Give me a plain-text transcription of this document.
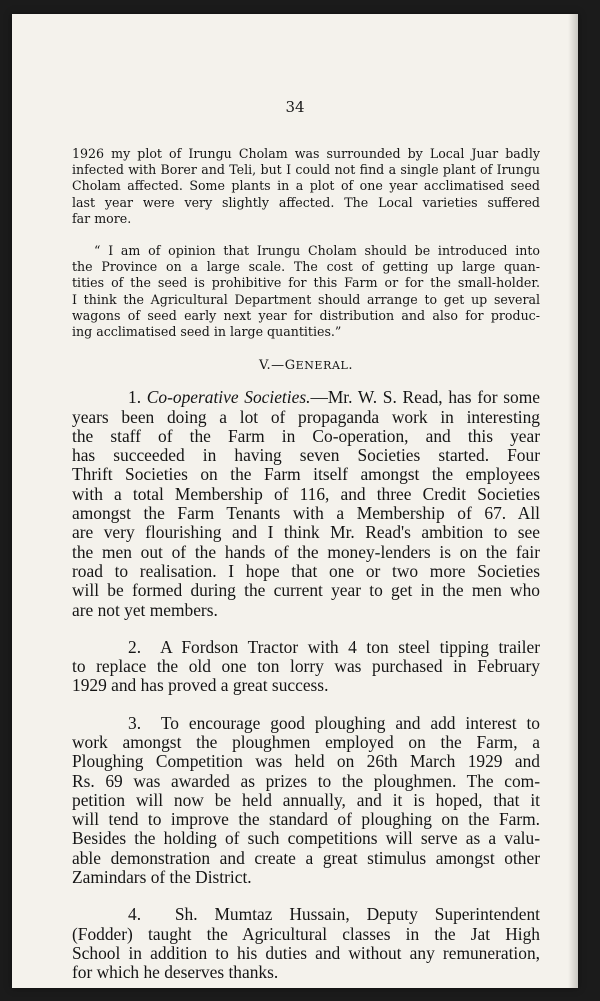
34

1926 my plot of Irungu Cholam was surrounded by Local Juar badly
infected with Borer and Teli, but I could not find a single plant of Irungu
Cholam affected. Some plants in a plot of one year acclimatised seed
last year were very slightly affected. The Local varieties suffered
far more.

“ I am of opinion that Irungu Cholam should be introduced into
the Province on a large scale. The cost of getting up large quan-
tities of the seed is prohibitive for this Farm or for the small-holder.
I think the Agricultural Department should arrange to get up several
wagons of seed early next year for distribution and also for produc-
ing acclimatised seed in large quantities.”

V.—GENERAL.

1. Co-operative Societies.—Mr. W. S. Read, has for some
years been doing a lot of propaganda work in interesting
the staff of the Farm in Co-operation, and this year
has succeeded in having seven Societies started. Four
Thrift Societies on the Farm itself amongst the employees
with a total Membership of 116, and three Credit Societies
amongst the Farm Tenants with a Membership of 67. All
are very flourishing and I think Mr. Read's ambition to see
the men out of the hands of the money-lenders is on the fair
road to realisation. I hope that one or two more Societies
will be formed during the current year to get in the men who
are not yet members.

2. A Fordson Tractor with 4 ton steel tipping trailer
to replace the old one ton lorry was purchased in February
1929 and has proved a great success.

3. To encourage good ploughing and add interest to
work amongst the ploughmen employed on the Farm, a
Ploughing Competition was held on 26th March 1929 and
Rs. 69 was awarded as prizes to the ploughmen. The com-
petition will now be held annually, and it is hoped, that it
will tend to improve the standard of ploughing on the Farm.
Besides the holding of such competitions will serve as a valu-
able demonstration and create a great stimulus amongst other
Zamindars of the District.

4. Sh. Mumtaz Hussain, Deputy Superintendent
(Fodder) taught the Agricultural classes in the Jat High
School in addition to his duties and without any remuneration,
for which he deserves thanks.
